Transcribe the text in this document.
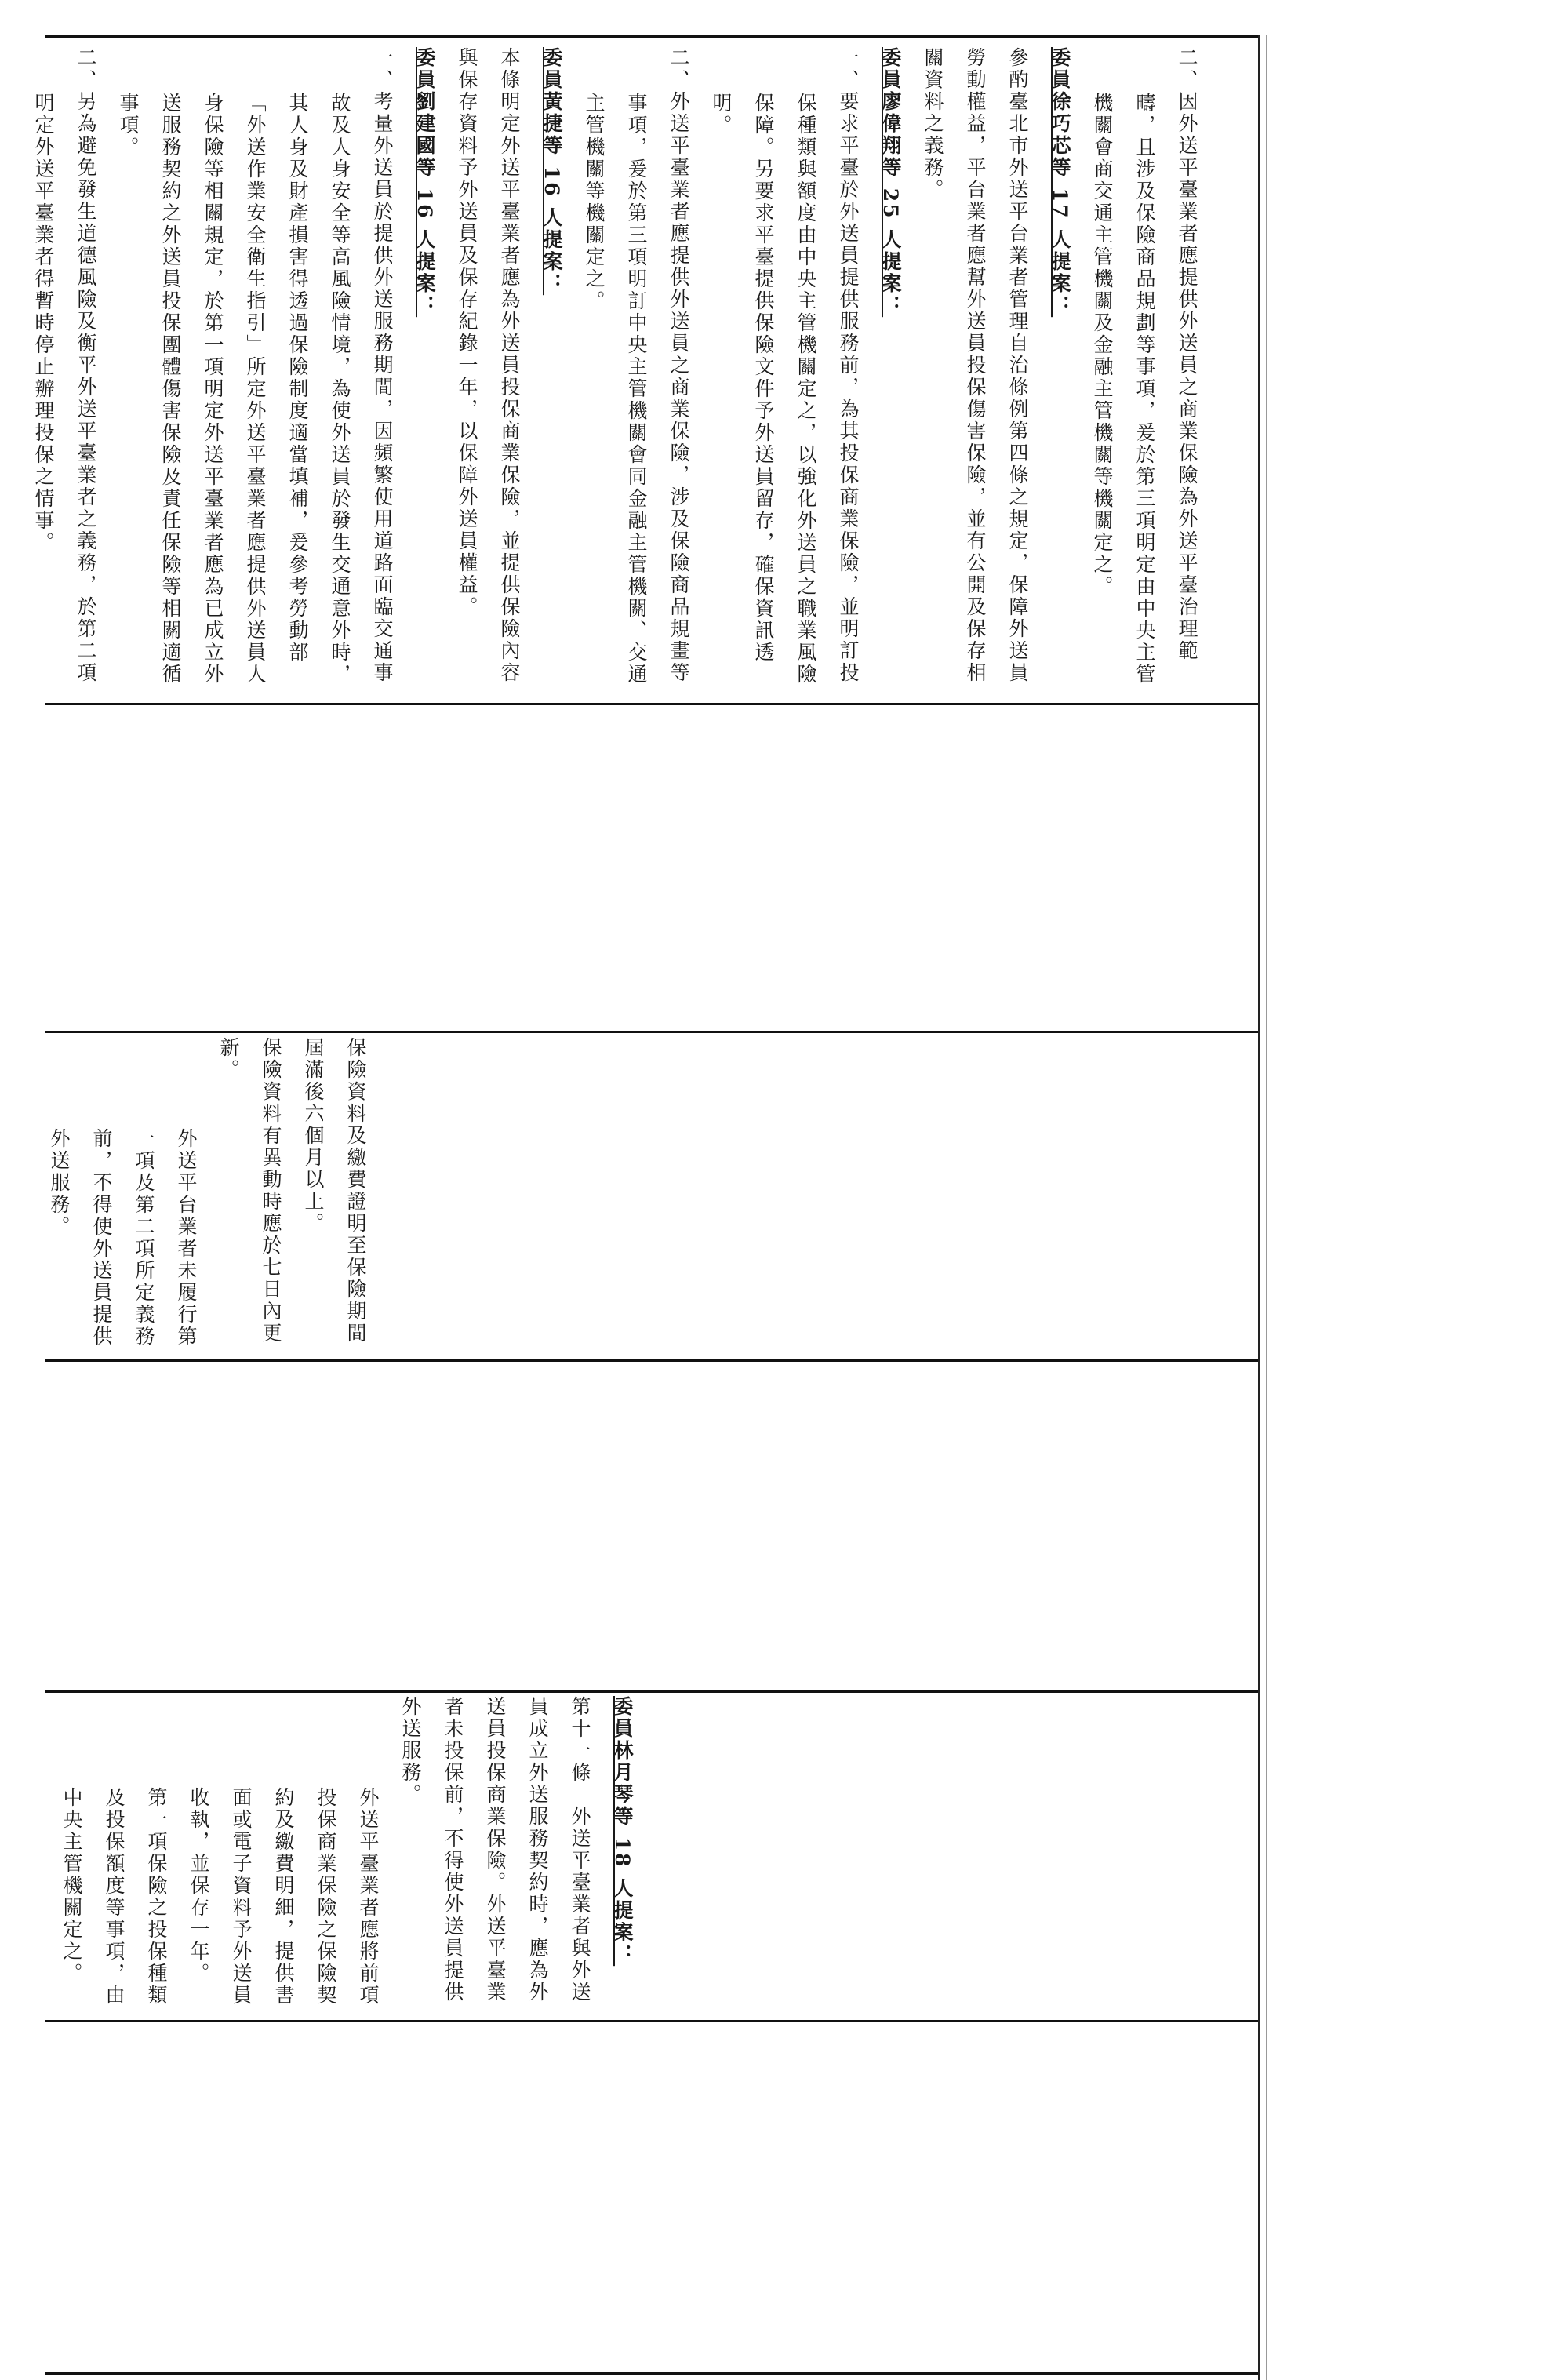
二、因外送平臺業者應提供外送員之商業保險為外送平臺治理範疇，且涉及保險商品規劃等事項，爰於第三項明定由中央主管機關會商交通主管機關及金融主管機關等機關定之。
委員徐巧芯等 17 人提案：
參酌臺北市外送平台業者管理自治條例第四條之規定，保障外送員勞動權益，平台業者應幫外送員投保傷害保險，並有公開及保存相關資料之義務。
委員廖偉翔等 25 人提案：
一、要求平臺於外送員提供服務前，為其投保商業保險，並明訂投保種類與額度由中央主管機關定之，以強化外送員之職業風險保障。另要求平臺提供保險文件予外送員留存，確保資訊透明。
二、外送平臺業者應提供外送員之商業保險，涉及保險商品規畫等事項，爰於第三項明訂中央主管機關會同金融主管機關、交通主管機關等機關定之。
委員黃捷等 16 人提案：
本條明定外送平臺業者應為外送員投保商業保險，並提供保險內容與保存資料予外送員及保存紀錄一年，以保障外送員權益。
委員劉建國等 16 人提案：
一、考量外送員於提供外送服務期間，因頻繁使用道路面臨交通事故及人身安全等高風險情境，為使外送員於發生交通意外時，其人身及財產損害得透過保險制度適當填補，爰參考勞動部「外送作業安全衛生指引」所定外送平臺業者應提供外送員人身保險等相關規定，於第一項明定外送平臺業者應為已成立外送服務契約之外送員投保團體傷害保險及責任保險等相關適循事項。
二、另為避免發生道德風險及衡平外送平臺業者之義務，於第二項明定外送平臺業者得暫時停止辦理投保之情事。
保險資料及繳費證明至保險期間屆滿後六個月以上。
保險資料有異動時應於七日內更新。
外送平台業者未履行第一項及第二項所定義務前，不得使外送員提供外送服務。
委員林月琴等 18 人提案：
第十一條　外送平臺業者與外送員成立外送服務契約時，應為外送員投保商業保險。外送平臺業者未投保前，不得使外送員提供外送服務。
外送平臺業者應將前項投保商業保險之保險契約及繳費明細，提供書面或電子資料予外送員收執，並保存一年。
第一項保險之投保種類及投保額度等事項，由中央主管機關定之。
